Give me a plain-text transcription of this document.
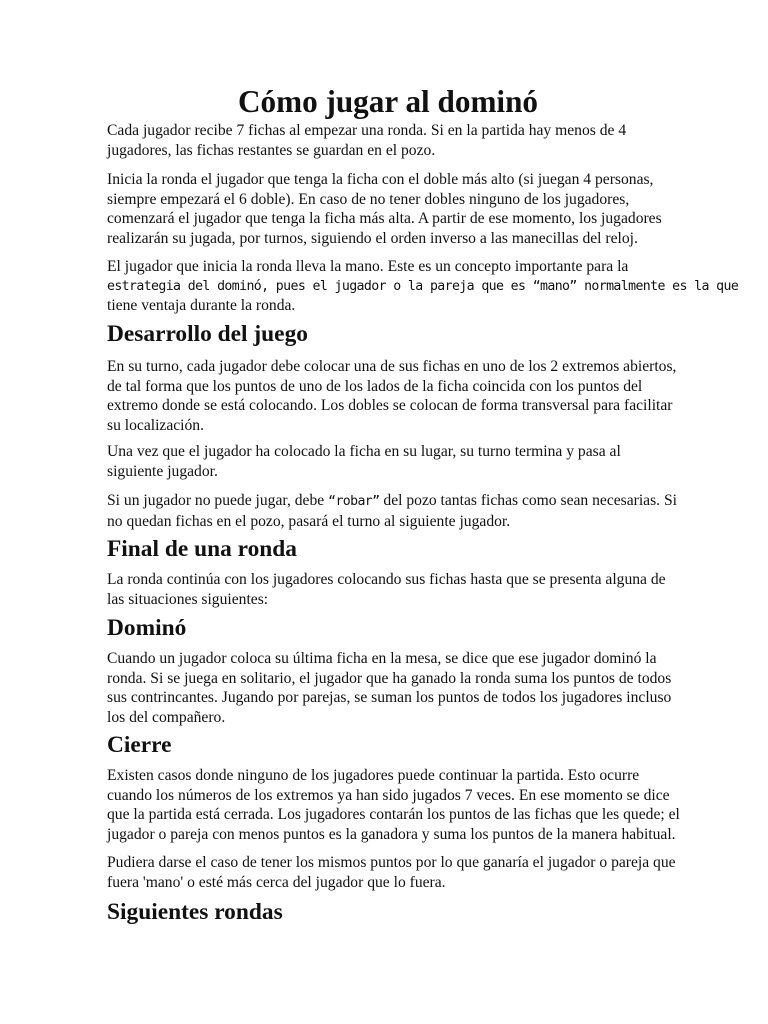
Cómo jugar al dominó

Cada jugador recibe 7 fichas al empezar una ronda. Si en la partida hay menos de 4
jugadores, las fichas restantes se guardan en el pozo.

Inicia la ronda el jugador que tenga la ficha con el doble más alto (si juegan 4 personas,
siempre empezará el 6 doble). En caso de no tener dobles ninguno de los jugadores,
comenzará el jugador que tenga la ficha más alta. A partir de ese momento, los jugadores
realizarán su jugada, por turnos, siguiendo el orden inverso a las manecillas del reloj.

El jugador que inicia la ronda lleva la mano. Este es un concepto importante para la
estrategia del dominó, pues el jugador o la pareja que es “mano” normalmente es la que
tiene ventaja durante la ronda.

Desarrollo del juego

En su turno, cada jugador debe colocar una de sus fichas en uno de los 2 extremos abiertos,
de tal forma que los puntos de uno de los lados de la ficha coincida con los puntos del
extremo donde se está colocando. Los dobles se colocan de forma transversal para facilitar
su localización.

Una vez que el jugador ha colocado la ficha en su lugar, su turno termina y pasa al
siguiente jugador.

Si un jugador no puede jugar, debe “robar” del pozo tantas fichas como sean necesarias. Si
no quedan fichas en el pozo, pasará el turno al siguiente jugador.

Final de una ronda

La ronda continúa con los jugadores colocando sus fichas hasta que se presenta alguna de
las situaciones siguientes:

Dominó

Cuando un jugador coloca su última ficha en la mesa, se dice que ese jugador dominó la
ronda. Si se juega en solitario, el jugador que ha ganado la ronda suma los puntos de todos
sus contrincantes. Jugando por parejas, se suman los puntos de todos los jugadores incluso
los del compañero.

Cierre

Existen casos donde ninguno de los jugadores puede continuar la partida. Esto ocurre
cuando los números de los extremos ya han sido jugados 7 veces. En ese momento se dice
que la partida está cerrada. Los jugadores contarán los puntos de las fichas que les quede; el
jugador o pareja con menos puntos es la ganadora y suma los puntos de la manera habitual.

Pudiera darse el caso de tener los mismos puntos por lo que ganaría el jugador o pareja que
fuera 'mano' o esté más cerca del jugador que lo fuera.

Siguientes rondas
